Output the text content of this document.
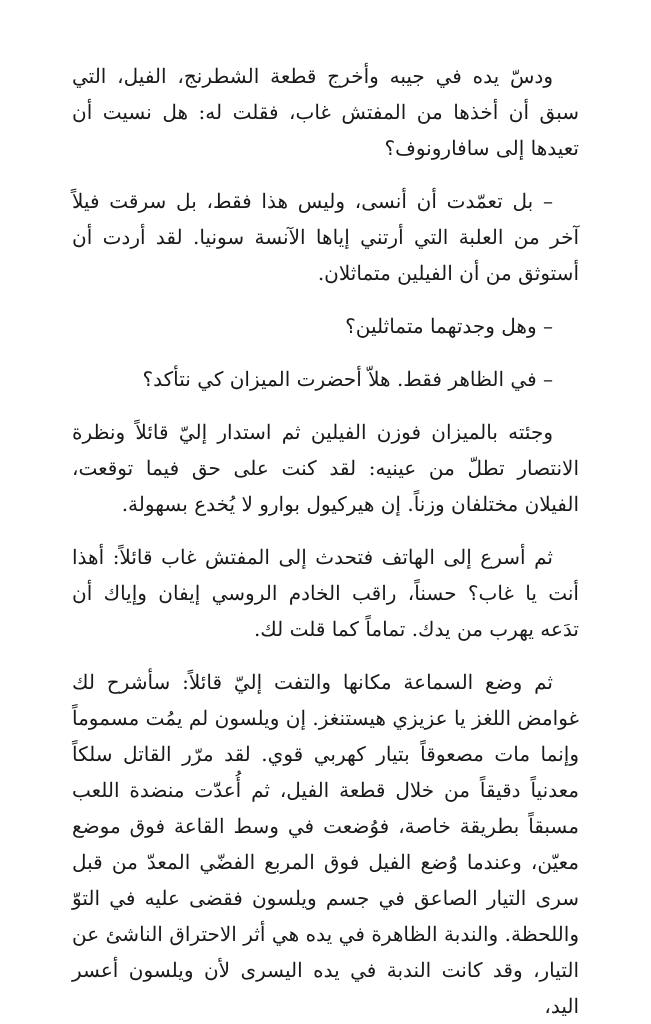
ودسّ يده في جيبه وأخرج قطعة الشطرنج، الفيل، التي سبق أن أخذها من المفتش غاب، فقلت له: هل نسيت أن تعيدها إلى سافارونوف؟

– بل تعمّدت أن أنسى، وليس هذا فقط، بل سرقت فيلاً آخر من العلبة التي أرتني إياها الآنسة سونيا. لقد أردت أن أستوثق من أن الفيلين متماثلان.

– وهل وجدتهما متماثلين؟

– في الظاهر فقط. هلاّ أحضرت الميزان كي نتأكد؟

وجئته بالميزان فوزن الفيلين ثم استدار إليّ قائلاً ونظرة الانتصار تطلّ من عينيه: لقد كنت على حق فيما توقعت، الفيلان مختلفان وزناً. إن هيركيول بوارو لا يُخدع بسهولة.

ثم أسرع إلى الهاتف فتحدث إلى المفتش غاب قائلاً: أهذا أنت يا غاب؟ حسناً، راقب الخادم الروسي إيفان وإياك أن تدَعه يهرب من يدك. تماماً كما قلت لك.

ثم وضع السماعة مكانها والتفت إليّ قائلاً: سأشرح لك غوامض اللغز يا عزيزي هيستنغز. إن ويلسون لم يمُت مسموماً وإنما مات مصعوقاً بتيار كهربي قوي. لقد مرّر القاتل سلكاً معدنياً دقيقاً من خلال قطعة الفيل، ثم أُعدّت منضدة اللعب مسبقاً بطريقة خاصة، فوُضعت في وسط القاعة فوق موضع معيّن، وعندما وُضع الفيل فوق المربع الفضّي المعدّ من قبل سرى التيار الصاعق في جسم ويلسون فقضى عليه في التوّ واللحظة. والندبة الظاهرة في يده هي أثر الاحتراق الناشئ عن التيار، وقد كانت الندبة في يده اليسرى لأن ويلسون أعسر اليد،
